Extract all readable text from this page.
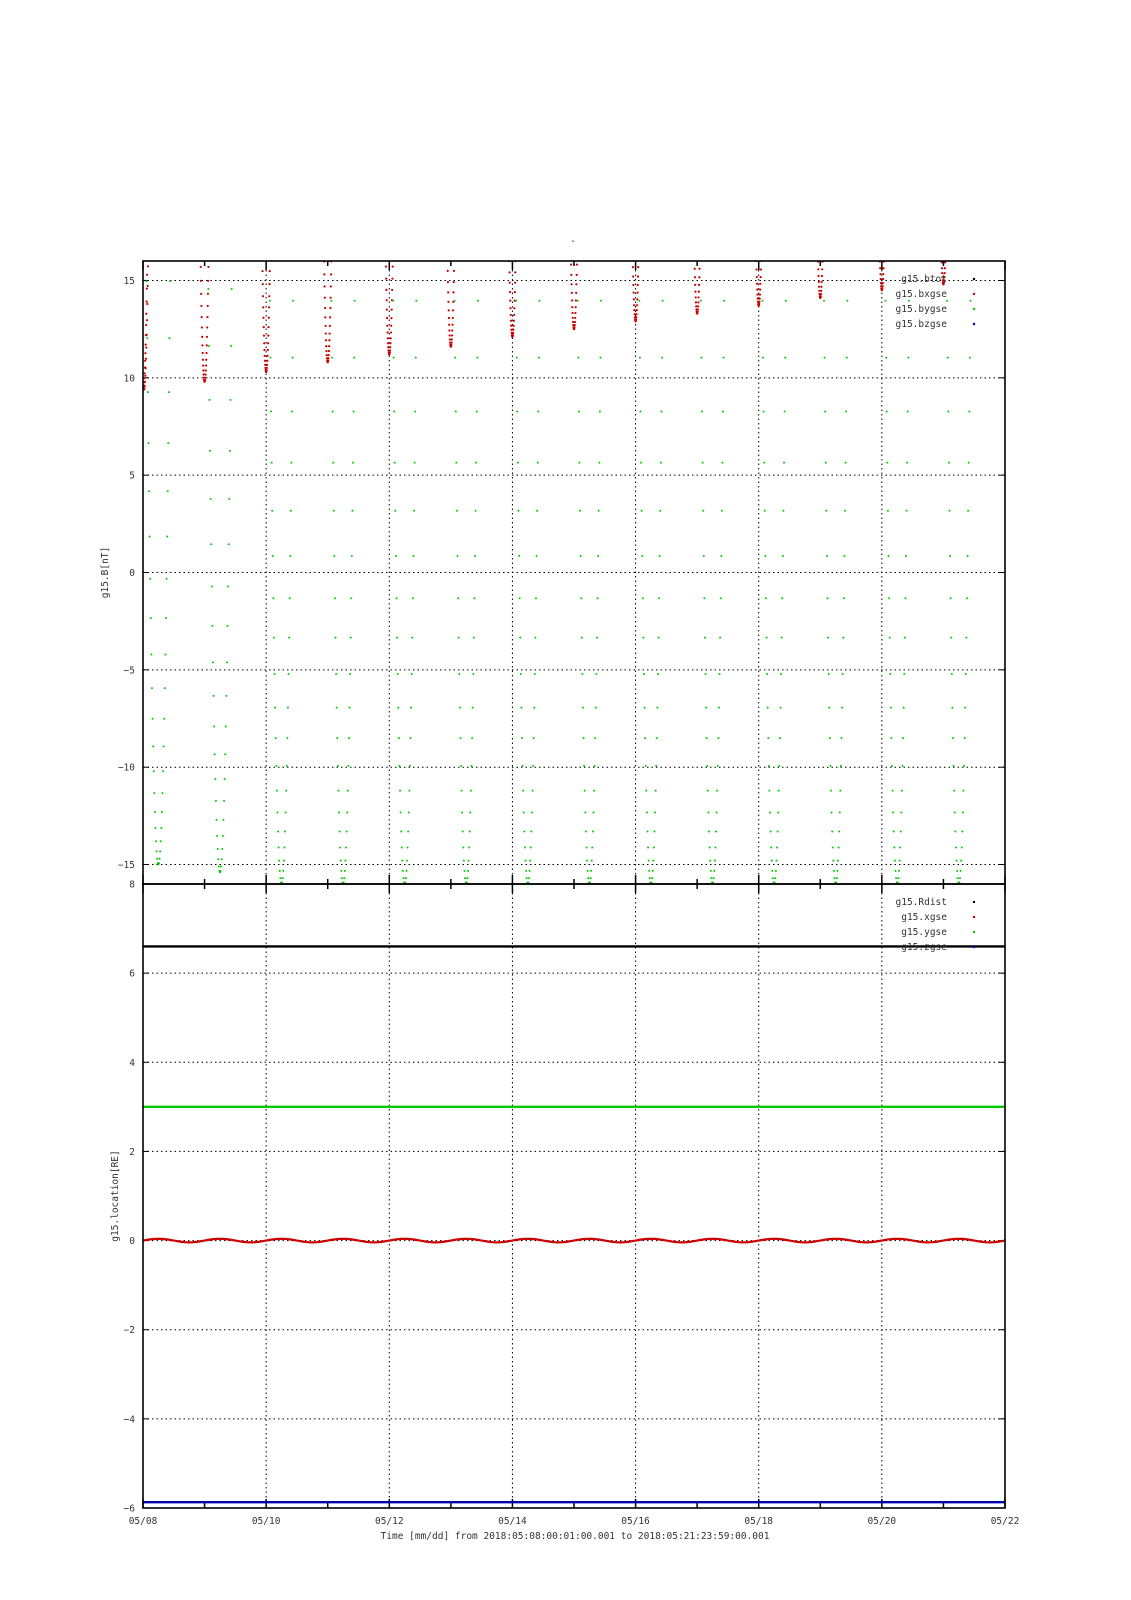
-
15
10
5
0
−5
−10
−15
g15.B[nT]
g15.btot
g15.bxgse
g15.bygse
g15.bzgse
8
6
4
2
0
−2
−4
−6
g15.location[RE]
g15.Rdist
g15.xgse
g15.ygse
g15.zgse
Time [mm/dd] from 2018:05:08:00:01:00.001 to 2018:05:21:23:59:00.001
05/08	05/10	05/12	05/14	05/16	05/18	05/20	05/22
